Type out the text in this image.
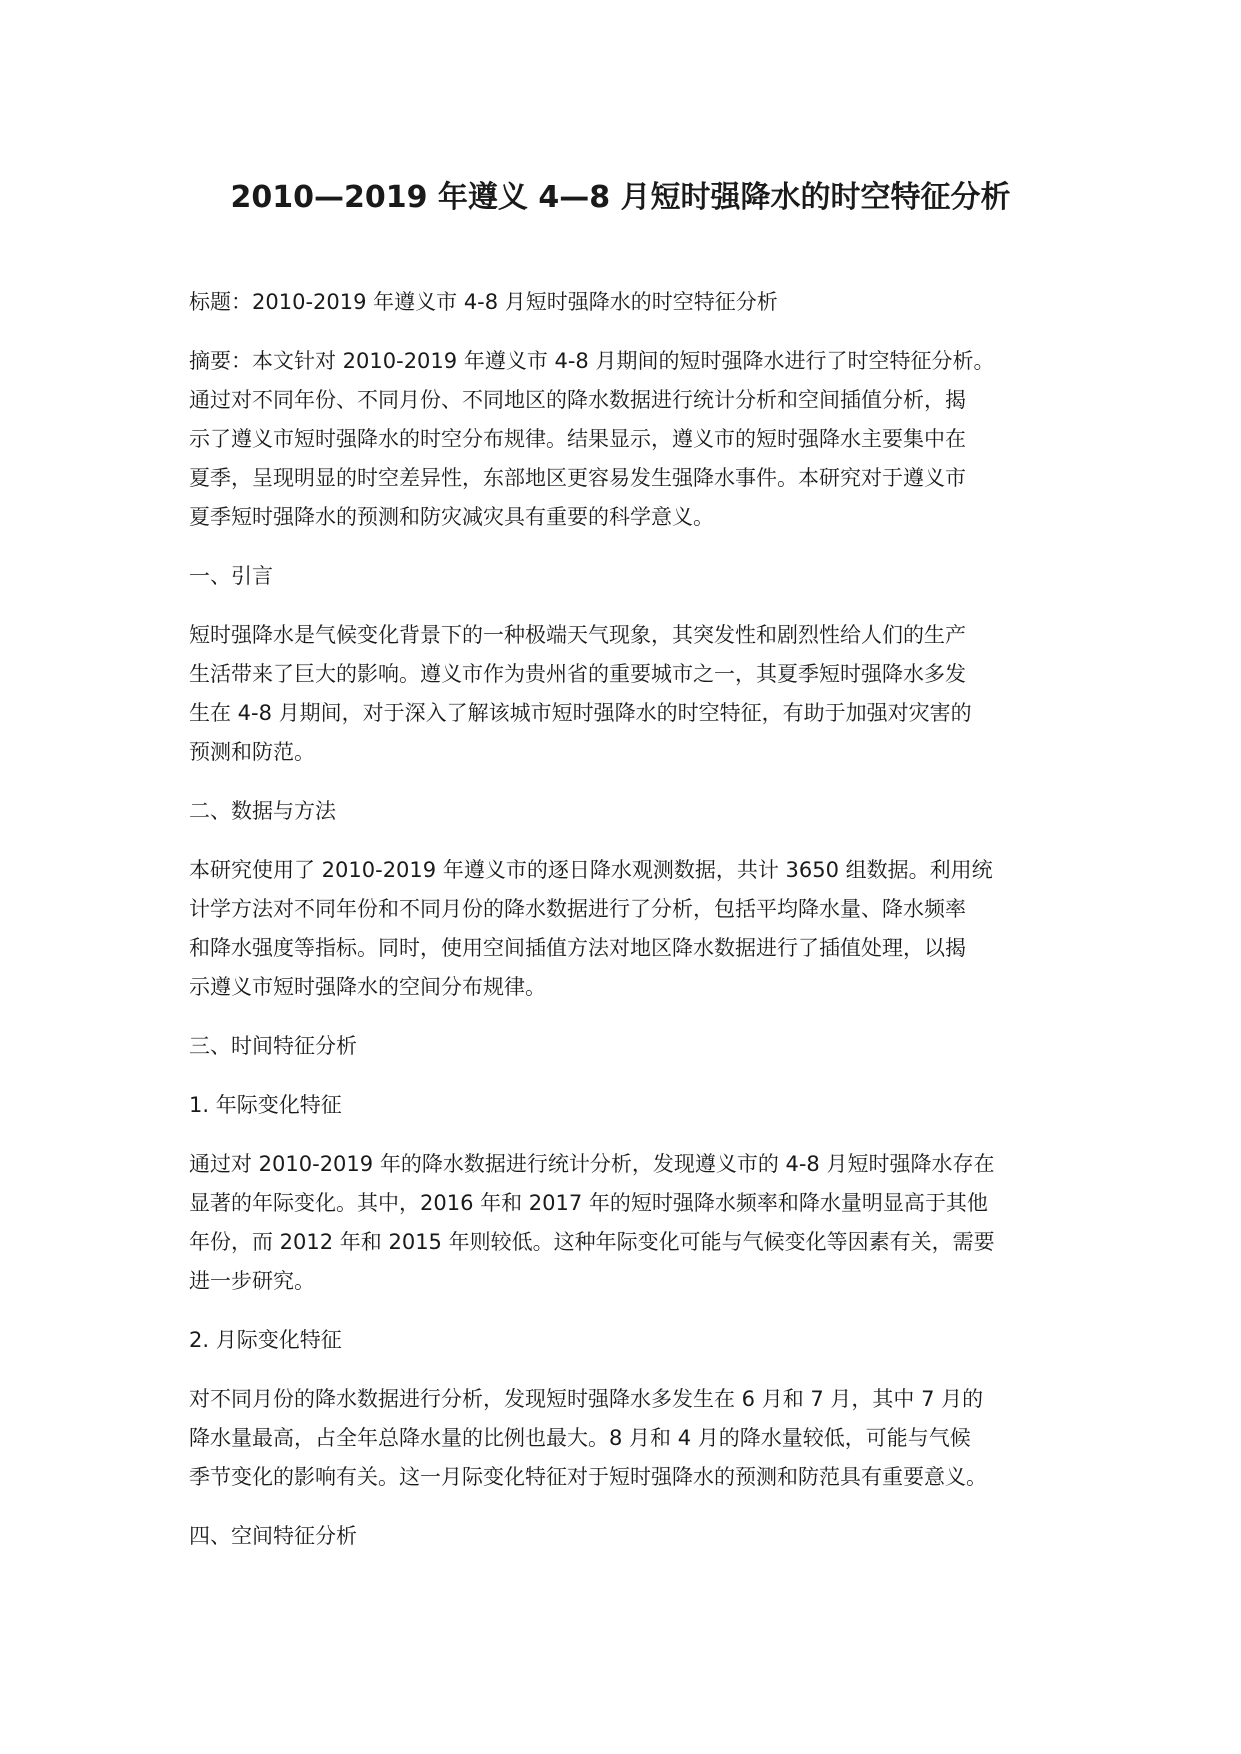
2010—2019 年遵义 4—8 月短时强降水的时空特征分析

标题：2010-2019 年遵义市 4-8 月短时强降水的时空特征分析

摘要：本文针对 2010-2019 年遵义市 4-8 月期间的短时强降水进行了时空特征分析。
通过对不同年份、不同月份、不同地区的降水数据进行统计分析和空间插值分析，揭
示了遵义市短时强降水的时空分布规律。结果显示，遵义市的短时强降水主要集中在
夏季，呈现明显的时空差异性，东部地区更容易发生强降水事件。本研究对于遵义市
夏季短时强降水的预测和防灾减灾具有重要的科学意义。

一、引言

短时强降水是气候变化背景下的一种极端天气现象，其突发性和剧烈性给人们的生产
生活带来了巨大的影响。遵义市作为贵州省的重要城市之一，其夏季短时强降水多发
生在 4-8 月期间，对于深入了解该城市短时强降水的时空特征，有助于加强对灾害的
预测和防范。

二、数据与方法

本研究使用了 2010-2019 年遵义市的逐日降水观测数据，共计 3650 组数据。利用统
计学方法对不同年份和不同月份的降水数据进行了分析，包括平均降水量、降水频率
和降水强度等指标。同时，使用空间插值方法对地区降水数据进行了插值处理，以揭
示遵义市短时强降水的空间分布规律。

三、时间特征分析

1. 年际变化特征

通过对 2010-2019 年的降水数据进行统计分析，发现遵义市的 4-8 月短时强降水存在
显著的年际变化。其中，2016 年和 2017 年的短时强降水频率和降水量明显高于其他
年份，而 2012 年和 2015 年则较低。这种年际变化可能与气候变化等因素有关，需要
进一步研究。

2. 月际变化特征

对不同月份的降水数据进行分析，发现短时强降水多发生在 6 月和 7 月，其中 7 月的
降水量最高，占全年总降水量的比例也最大。8 月和 4 月的降水量较低，可能与气候
季节变化的影响有关。这一月际变化特征对于短时强降水的预测和防范具有重要意义。

四、空间特征分析
